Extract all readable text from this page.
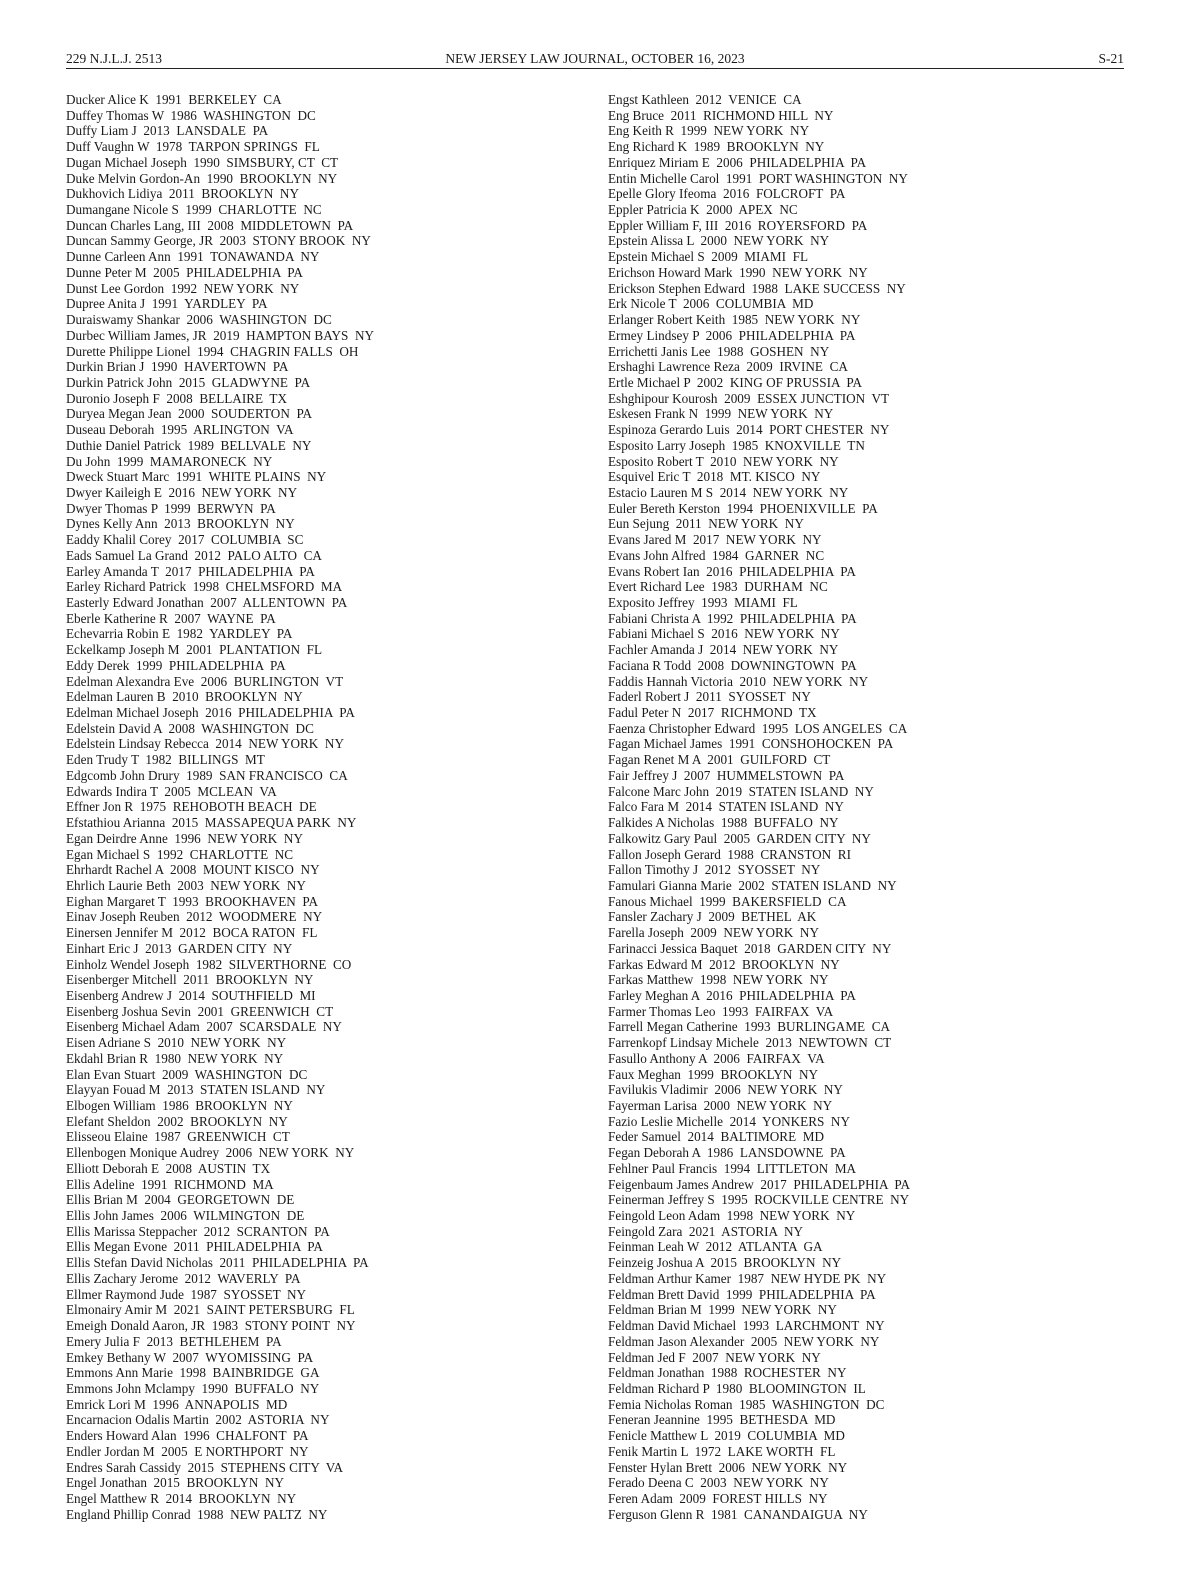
229 N.J.L.J. 2513	NEW JERSEY LAW JOURNAL, OCTOBER 16, 2023	S-21
Ducker Alice K  1991  BERKELEY  CA
Duffey Thomas W  1986  WASHINGTON  DC
Duffy Liam J  2013  LANSDALE  PA
Duff Vaughn W  1978  TARPON SPRINGS  FL
Dugan Michael Joseph  1990  SIMSBURY, CT  CT
Duke Melvin Gordon-An  1990  BROOKLYN  NY
Dukhovich Lidiya  2011  BROOKLYN  NY
Dumangane Nicole S  1999  CHARLOTTE  NC
Duncan Charles Lang, III  2008  MIDDLETOWN  PA
Duncan Sammy George, JR  2003  STONY BROOK  NY
Dunne Carleen Ann  1991  TONAWANDA  NY
Dunne Peter M  2005  PHILADELPHIA  PA
Dunst Lee Gordon  1992  NEW YORK  NY
Dupree Anita J  1991  YARDLEY  PA
Duraiswamy Shankar  2006  WASHINGTON  DC
Durbec William James, JR  2019  HAMPTON BAYS  NY
Durette Philippe Lionel  1994  CHAGRIN FALLS  OH
Durkin Brian J  1990  HAVERTOWN  PA
Durkin Patrick John  2015  GLADWYNE  PA
Duronio Joseph F  2008  BELLAIRE  TX
Duryea Megan Jean  2000  SOUDERTON  PA
Duseau Deborah  1995  ARLINGTON  VA
Duthie Daniel Patrick  1989  BELLVALE  NY
Du John  1999  MAMARONECK  NY
Dweck Stuart Marc  1991  WHITE PLAINS  NY
Dwyer Kaileigh E  2016  NEW YORK  NY
Dwyer Thomas P  1999  BERWYN  PA
Dynes Kelly Ann  2013  BROOKLYN  NY
Eaddy Khalil Corey  2017  COLUMBIA  SC
Eads Samuel La Grand  2012  PALO ALTO  CA
Earley Amanda T  2017  PHILADELPHIA  PA
Earley Richard Patrick  1998  CHELMSFORD  MA
Easterly Edward Jonathan  2007  ALLENTOWN  PA
Eberle Katherine R  2007  WAYNE  PA
Echevarria Robin E  1982  YARDLEY  PA
Eckelkamp Joseph M  2001  PLANTATION  FL
Eddy Derek  1999  PHILADELPHIA  PA
Edelman Alexandra Eve  2006  BURLINGTON  VT
Edelman Lauren B  2010  BROOKLYN  NY
Edelman Michael Joseph  2016  PHILADELPHIA  PA
Edelstein David A  2008  WASHINGTON  DC
Edelstein Lindsay Rebecca  2014  NEW YORK  NY
Eden Trudy T  1982  BILLINGS  MT
Edgcomb John Drury  1989  SAN FRANCISCO  CA
Edwards Indira T  2005  MCLEAN  VA
Effner Jon R  1975  REHOBOTH BEACH  DE
Efstathiou Arianna  2015  MASSAPEQUA PARK  NY
Egan Deirdre Anne  1996  NEW YORK  NY
Egan Michael S  1992  CHARLOTTE  NC
Ehrhardt Rachel A  2008  MOUNT KISCO  NY
Ehrlich Laurie Beth  2003  NEW YORK  NY
Eighan Margaret T  1993  BROOKHAVEN  PA
Einav Joseph Reuben  2012  WOODMERE  NY
Einersen Jennifer M  2012  BOCA RATON  FL
Einhart Eric J  2013  GARDEN CITY  NY
Einholz Wendel Joseph  1982  SILVERTHORNE  CO
Eisenberger Mitchell  2011  BROOKLYN  NY
Eisenberg Andrew J  2014  SOUTHFIELD  MI
Eisenberg Joshua Sevin  2001  GREENWICH  CT
Eisenberg Michael Adam  2007  SCARSDALE  NY
Eisen Adriane S  2010  NEW YORK  NY
Ekdahl Brian R  1980  NEW YORK  NY
Elan Evan Stuart  2009  WASHINGTON  DC
Elayyan Fouad M  2013  STATEN ISLAND  NY
Elbogen William  1986  BROOKLYN  NY
Elefant Sheldon  2002  BROOKLYN  NY
Elisseou Elaine  1987  GREENWICH  CT
Ellenbogen Monique Audrey  2006  NEW YORK  NY
Elliott Deborah E  2008  AUSTIN  TX
Ellis Adeline  1991  RICHMOND  MA
Ellis Brian M  2004  GEORGETOWN  DE
Ellis John James  2006  WILMINGTON  DE
Ellis Marissa Steppacher  2012  SCRANTON  PA
Ellis Megan Evone  2011  PHILADELPHIA  PA
Ellis Stefan David Nicholas  2011  PHILADELPHIA  PA
Ellis Zachary Jerome  2012  WAVERLY  PA
Ellmer Raymond Jude  1987  SYOSSET  NY
Elmonairy Amir M  2021  SAINT PETERSBURG  FL
Emeigh Donald Aaron, JR  1983  STONY POINT  NY
Emery Julia F  2013  BETHLEHEM  PA
Emkey Bethany W  2007  WYOMISSING  PA
Emmons Ann Marie  1998  BAINBRIDGE  GA
Emmons John Mclampy  1990  BUFFALO  NY
Emrick Lori M  1996  ANNAPOLIS  MD
Encarnacion Odalis Martin  2002  ASTORIA  NY
Enders Howard Alan  1996  CHALFONT  PA
Endler Jordan M  2005  E NORTHPORT  NY
Endres Sarah Cassidy  2015  STEPHENS CITY  VA
Engel Jonathan  2015  BROOKLYN  NY
Engel Matthew R  2014  BROOKLYN  NY
England Phillip Conrad  1988  NEW PALTZ  NY
Engst Kathleen  2012  VENICE  CA
Eng Bruce  2011  RICHMOND HILL  NY
Eng Keith R  1999  NEW YORK  NY
Eng Richard K  1989  BROOKLYN  NY
Enriquez Miriam E  2006  PHILADELPHIA  PA
Entin Michelle Carol  1991  PORT WASHINGTON  NY
Epelle Glory Ifeoma  2016  FOLCROFT  PA
Eppler Patricia K  2000  APEX  NC
Eppler William F, III  2016  ROYERSFORD  PA
Epstein Alissa L  2000  NEW YORK  NY
Epstein Michael S  2009  MIAMI  FL
Erichson Howard Mark  1990  NEW YORK  NY
Erickson Stephen Edward  1988  LAKE SUCCESS  NY
Erk Nicole T  2006  COLUMBIA  MD
Erlanger Robert Keith  1985  NEW YORK  NY
Ermey Lindsey P  2006  PHILADELPHIA  PA
Errichetti Janis Lee  1988  GOSHEN  NY
Ershaghi Lawrence Reza  2009  IRVINE  CA
Ertle Michael P  2002  KING OF PRUSSIA  PA
Eshghipour Kourosh  2009  ESSEX JUNCTION  VT
Eskesen Frank N  1999  NEW YORK  NY
Espinoza Gerardo Luis  2014  PORT CHESTER  NY
Esposito Larry Joseph  1985  KNOXVILLE  TN
Esposito Robert T  2010  NEW YORK  NY
Esquivel Eric T  2018  MT. KISCO  NY
Estacio Lauren M S  2014  NEW YORK  NY
Euler Bereth Kerston  1994  PHOENIXVILLE  PA
Eun Sejung  2011  NEW YORK  NY
Evans Jared M  2017  NEW YORK  NY
Evans John Alfred  1984  GARNER  NC
Evans Robert Ian  2016  PHILADELPHIA  PA
Evert Richard Lee  1983  DURHAM  NC
Exposito Jeffrey  1993  MIAMI  FL
Fabiani Christa A  1992  PHILADELPHIA  PA
Fabiani Michael S  2016  NEW YORK  NY
Fachler Amanda J  2014  NEW YORK  NY
Faciana R Todd  2008  DOWNINGTOWN  PA
Faddis Hannah Victoria  2010  NEW YORK  NY
Faderl Robert J  2011  SYOSSET  NY
Fadul Peter N  2017  RICHMOND  TX
Faenza Christopher Edward  1995  LOS ANGELES  CA
Fagan Michael James  1991  CONSHOHOCKEN  PA
Fagan Renet M A  2001  GUILFORD  CT
Fair Jeffrey J  2007  HUMMELSTOWN  PA
Falcone Marc John  2019  STATEN ISLAND  NY
Falco Fara M  2014  STATEN ISLAND  NY
Falkides A Nicholas  1988  BUFFALO  NY
Falkowitz Gary Paul  2005  GARDEN CITY  NY
Fallon Joseph Gerard  1988  CRANSTON  RI
Fallon Timothy J  2012  SYOSSET  NY
Famulari Gianna Marie  2002  STATEN ISLAND  NY
Fanous Michael  1999  BAKERSFIELD  CA
Fansler Zachary J  2009  BETHEL  AK
Farella Joseph  2009  NEW YORK  NY
Farinacci Jessica Baquet  2018  GARDEN CITY  NY
Farkas Edward M  2012  BROOKLYN  NY
Farkas Matthew  1998  NEW YORK  NY
Farley Meghan A  2016  PHILADELPHIA  PA
Farmer Thomas Leo  1993  FAIRFAX  VA
Farrell Megan Catherine  1993  BURLINGAME  CA
Farrenkopf Lindsay Michele  2013  NEWTOWN  CT
Fasullo Anthony A  2006  FAIRFAX  VA
Faux Meghan  1999  BROOKLYN  NY
Favilukis Vladimir  2006  NEW YORK  NY
Fayerman Larisa  2000  NEW YORK  NY
Fazio Leslie Michelle  2014  YONKERS  NY
Feder Samuel  2014  BALTIMORE  MD
Fegan Deborah A  1986  LANSDOWNE  PA
Fehlner Paul Francis  1994  LITTLETON  MA
Feigenbaum James Andrew  2017  PHILADELPHIA  PA
Feinerman Jeffrey S  1995  ROCKVILLE CENTRE  NY
Feingold Leon Adam  1998  NEW YORK  NY
Feingold Zara  2021  ASTORIA  NY
Feinman Leah W  2012  ATLANTA  GA
Feinzeig Joshua A  2015  BROOKLYN  NY
Feldman Arthur Kamer  1987  NEW HYDE PK  NY
Feldman Brett David  1999  PHILADELPHIA  PA
Feldman Brian M  1999  NEW YORK  NY
Feldman David Michael  1993  LARCHMONT  NY
Feldman Jason Alexander  2005  NEW YORK  NY
Feldman Jed F  2007  NEW YORK  NY
Feldman Jonathan  1988  ROCHESTER  NY
Feldman Richard P  1980  BLOOMINGTON  IL
Femia Nicholas Roman  1985  WASHINGTON  DC
Feneran Jeannine  1995  BETHESDA  MD
Fenicle Matthew L  2019  COLUMBIA  MD
Fenik Martin L  1972  LAKE WORTH  FL
Fenster Hylan Brett  2006  NEW YORK  NY
Ferado Deena C  2003  NEW YORK  NY
Feren Adam  2009  FOREST HILLS  NY
Ferguson Glenn R  1981  CANANDAIGUA  NY
